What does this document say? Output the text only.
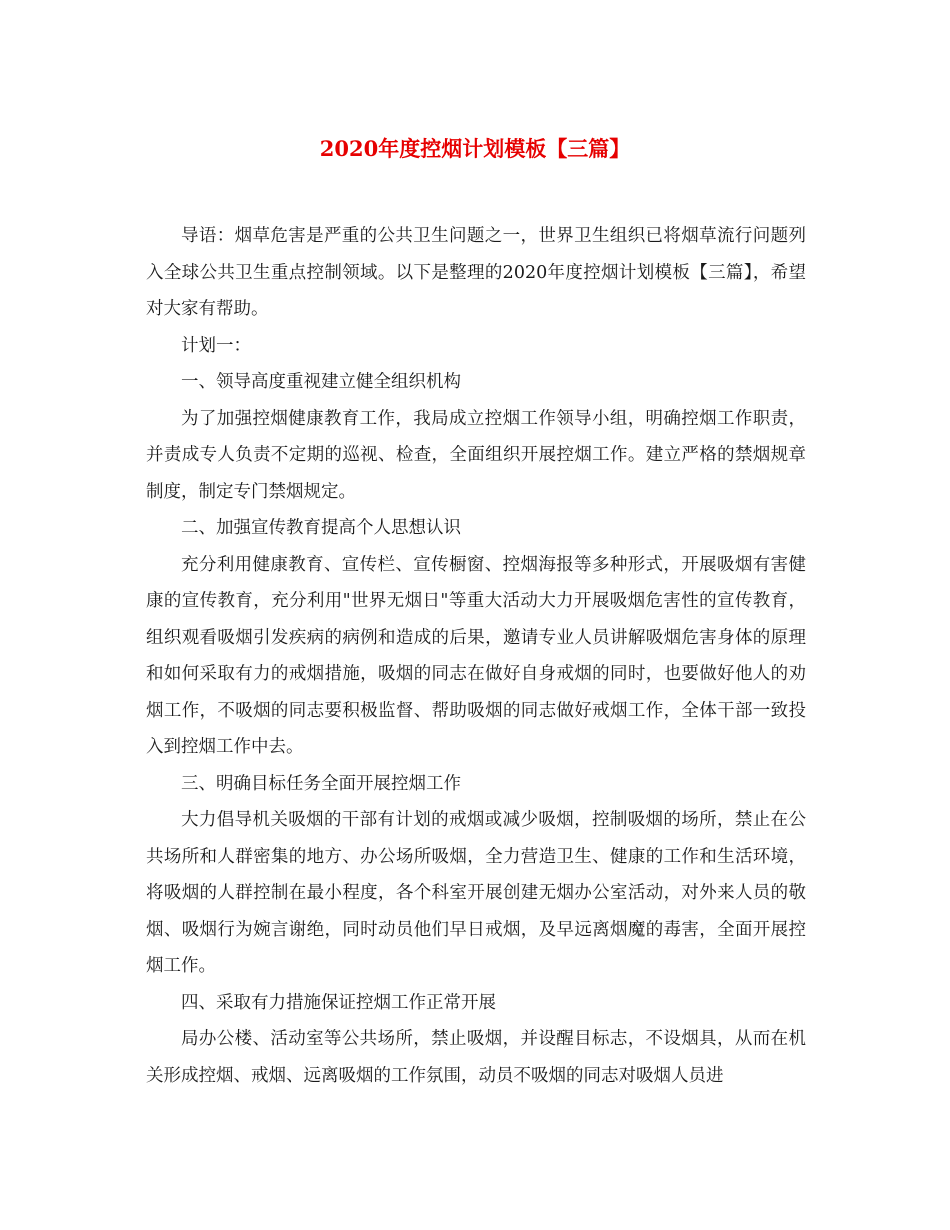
2020年度控烟计划模板【三篇】

导语：烟草危害是严重的公共卫生问题之一，世界卫生组织已将烟草流行问题列入全球公共卫生重点控制领域。以下是整理的2020年度控烟计划模板【三篇】，希望对大家有帮助。

计划一：

一、领导高度重视建立健全组织机构

为了加强控烟健康教育工作，我局成立控烟工作领导小组，明确控烟工作职责，并责成专人负责不定期的巡视、检查，全面组织开展控烟工作。建立严格的禁烟规章制度，制定专门禁烟规定。

二、加强宣传教育提高个人思想认识

充分利用健康教育、宣传栏、宣传橱窗、控烟海报等多种形式，开展吸烟有害健康的宣传教育，充分利用"世界无烟日"等重大活动大力开展吸烟危害性的宣传教育，组织观看吸烟引发疾病的病例和造成的后果，邀请专业人员讲解吸烟危害身体的原理和如何采取有力的戒烟措施，吸烟的同志在做好自身戒烟的同时，也要做好他人的劝烟工作，不吸烟的同志要积极监督、帮助吸烟的同志做好戒烟工作，全体干部一致投入到控烟工作中去。

三、明确目标任务全面开展控烟工作

大力倡导机关吸烟的干部有计划的戒烟或减少吸烟，控制吸烟的场所，禁止在公共场所和人群密集的地方、办公场所吸烟，全力营造卫生、健康的工作和生活环境，将吸烟的人群控制在最小程度，各个科室开展创建无烟办公室活动，对外来人员的敬烟、吸烟行为婉言谢绝，同时动员他们早日戒烟，及早远离烟魔的毒害，全面开展控烟工作。

四、采取有力措施保证控烟工作正常开展

局办公楼、活动室等公共场所，禁止吸烟，并设醒目标志，不设烟具，从而在机关形成控烟、戒烟、远离吸烟的工作氛围，动员不吸烟的同志对吸烟人员进
